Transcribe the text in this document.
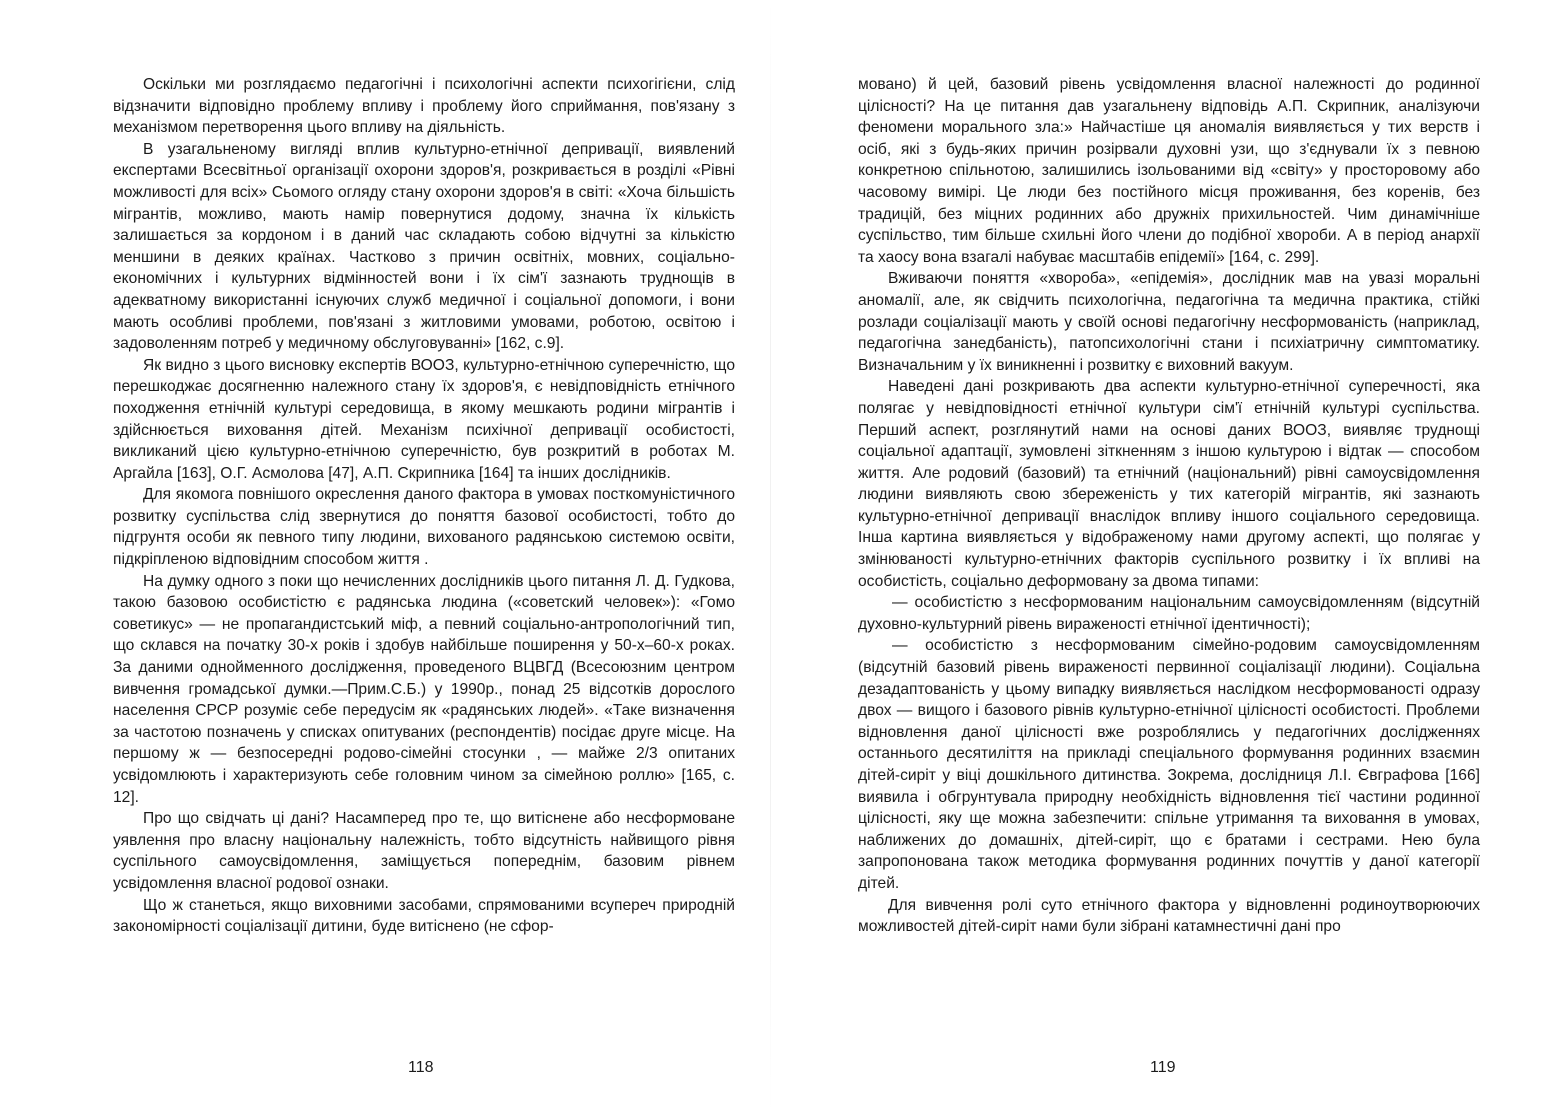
Оскільки ми розглядаємо педагогічні і психологічні аспекти психогігієни, слід відзначити відповідно проблему впливу і проблему його сприймання, пов'язану з механізмом перетворення цього впливу на діяльність.

В узагальненому вигляді вплив культурно-етнічної депривації, виявлений експертами Всесвітньої організації охорони здоров'я, розкривається в розділі «Рівні можливості для всіх» Сьомого огляду стану охорони здоров'я в світі: «Хоча більшість мігрантів, можливо, мають намір повернутися додому, значна їх кількість залишається за кордоном і в даний час складають собою відчутні за кількістю меншини в деяких країнах. Частково з причин освітніх, мовних, соціально-економічних і культурних відмінностей вони і їх сім'ї зазнають труднощів в адекватному використанні існуючих служб медичної і соціальної допомоги, і вони мають особливі проблеми, пов'язані з житловими умовами, роботою, освітою і задоволенням потреб у медичному обслуговуванні» [162, с.9].

Як видно з цього висновку експертів ВООЗ, культурно-етнічною суперечністю, що перешкоджає досягненню належного стану їх здоров'я, є невідповідність етнічного походження етнічній культурі середовища, в якому мешкають родини мігрантів і здійснюється виховання дітей. Механізм психічної депривації особистості, викликаний цією культурно-етнічною суперечністю, був розкритий в роботах М. Аргайла [163], О.Г. Асмолова [47], А.П. Скрипника [164] та інших дослідників.

Для якомога повнішого окреслення даного фактора в умовах посткомуністичного розвитку суспільства слід звернутися до поняття базової особистості, тобто до підгрунтя особи як певного типу людини, вихованого радянською системою освіти, підкріпленою відповідним способом життя .

На думку одного з поки що нечисленних дослідників цього питання Л. Д. Гудкова, такою базовою особистістю є радянська людина («советский человек»): «Гомо советикус» — не пропагандистський міф, а певний соціально-антропологічний тип, що склався на початку 30-х років і здобув найбільше поширення у 50-х–60-х роках. За даними однойменного дослідження, проведеного ВЦВГД (Всесоюзним центром вивчення громадської думки.—Прим.С.Б.) у 1990р., понад 25 відсотків дорослого населення СРСР розуміє себе передусім як «радянських людей». «Таке визначення за частотою позначень у списках опитуваних (респондентів) посідає друге місце. На першому ж — безпосередні родово-сімейні стосунки , — майже 2/3 опитаних усвідомлюють і характеризують себе головним чином за сімейною роллю» [165, с. 12].

Про що свідчать ці дані? Насамперед про те, що витіснене або несформоване уявлення про власну національну належність, тобто відсутність найвищого рівня суспільного самоусвідомлення, заміщується попереднім, базовим рівнем усвідомлення власної родової ознаки.

Що ж станеться, якщо виховними засобами, спрямованими всупереч природній закономірності соціалізації дитини, буде витіснено (не сфор-

мовано) й цей, базовий рівень усвідомлення власної належності до родинної цілісності? На це питання дав узагальнену відповідь А.П. Скрипник, аналізуючи феномени морального зла:» Найчастіше ця аномалія виявляється у тих верств і осіб, які з будь-яких причин розірвали духовні узи, що з'єднували їх з певною конкретною спільнотою, залишились ізольованими від «світу» у просторовому або часовому вимірі. Це люди без постійного місця проживання, без коренів, без традицій, без міцних родинних або дружніх прихильностей. Чим динамічніше суспільство, тим більше схильні його члени до подібної хвороби. А в період анархії та хаосу вона взагалі набуває масштабів епідемії» [164, с. 299].

Вживаючи поняття «хвороба», «епідемія», дослідник мав на увазі моральні аномалії, але, як свідчить психологічна, педагогічна та медична практика, стійкі розлади соціалізації мають у своїй основі педагогічну несформованість (наприклад, педагогічна занедбаність), патопсихологічні стани і психіатричну симптоматику. Визначальним у їх виникненні і розвитку є виховний вакуум.

Наведені дані розкривають два аспекти культурно-етнічної суперечності, яка полягає у невідповідності етнічної культури сім'ї етнічній культурі суспільства. Перший аспект, розглянутий нами на основі даних ВООЗ, виявляє труднощі соціальної адаптації, зумовлені зіткненням з іншою культурою і відтак — способом життя. Але родовий (базовий) та етнічний (національний) рівні самоусвідомлення людини виявляють свою збереженість у тих категорій мігрантів, які зазнають культурно-етнічної депривації внаслідок впливу іншого соціального середовища. Інша картина виявляється у відображеному нами другому аспекті, що полягає у змінюваності культурно-етнічних факторів суспільного розвитку і їх впливі на особистість, соціально деформовану за двома типами:

— особистістю з несформованим національним самоусвідомленням (відсутній духовно-культурний рівень вираженості етнічної ідентичності);

— особистістю з несформованим сімейно-родовим самоусвідомленням (відсутній базовий рівень вираженості первинної соціалізації людини). Соціальна дезадаптованість у цьому випадку виявляється наслідком несформованості одразу двох — вищого і базового рівнів культурно-етнічної цілісності особистості. Проблеми відновлення даної цілісності вже розроблялись у педагогічних дослідженнях останнього десятиліття на прикладі спеціального формування родинних взаємин дітей-сиріт у віці дошкільного дитинства. Зокрема, дослідниця Л.І. Євграфова [166] виявила і обгрунтувала природну необхідність відновлення тієї частини родинної цілісності, яку ще можна забезпечити: спільне утримання та виховання в умовах, наближених до домашніх, дітей-сиріт, що є братами і сестрами. Нею була запропонована також методика формування родинних почуттів у даної категорії дітей.

Для вивчення ролі суто етнічного фактора у відновленні родиноутворюючих можливостей дітей-сиріт нами були зібрані катамнестичні дані про

118	119
